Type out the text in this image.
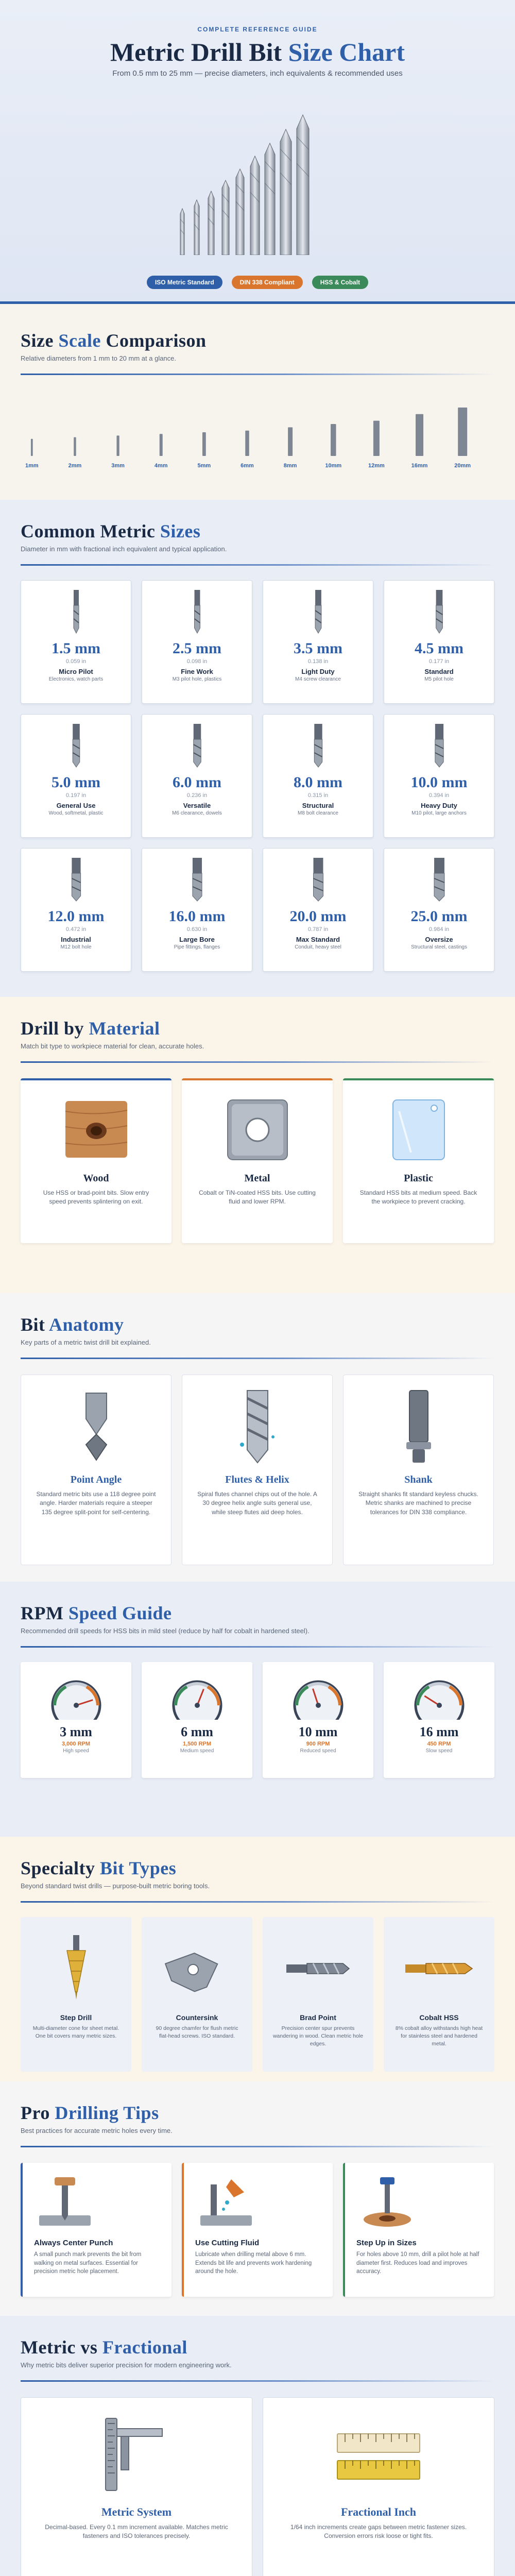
COMPLETE REFERENCE GUIDE
Metric Drill Bit Size Chart
From 0.5 mm to 25 mm — precise diameters, inch equivalents & recommended uses
ISO Metric Standard	DIN 338 Compliant	HSS & Cobalt
Size Scale Comparison
Relative diameters from 1 mm to 20 mm at a glance.
1mm	2mm	3mm	4mm	5mm	6mm	8mm	10mm	12mm	16mm	20mm
Common Metric Sizes
Diameter in mm with fractional inch equivalent and typical application.
1.5 mm
0.059 in
Micro Pilot
Electronics, watch parts
2.5 mm
0.098 in
Fine Work
M3 pilot hole, plastics
3.5 mm
0.138 in
Light Duty
M4 screw clearance
4.5 mm
0.177 in
Standard
M5 pilot hole
5.0 mm
0.197 in
General Use
Wood, softmetal, plastic
6.0 mm
0.236 in
Versatile
M6 clearance, dowels
8.0 mm
0.315 in
Structural
M8 bolt clearance
10.0 mm
0.394 in
Heavy Duty
M10 pilot, large anchors
12.0 mm
0.472 in
Industrial
M12 bolt hole
16.0 mm
0.630 in
Large Bore
Pipe fittings, flanges
20.0 mm
0.787 in
Max Standard
Conduit, heavy steel
25.0 mm
0.984 in
Oversize
Structural steel, castings
Drill by Material
Match bit type to workpiece material for clean, accurate holes.
Wood
Use HSS or brad-point bits. Slow entry speed prevents splintering on exit.
Metal
Cobalt or TiN-coated HSS bits. Use cutting fluid and lower RPM.
Plastic
Standard HSS bits at medium speed. Back the workpiece to prevent cracking.
Bit Anatomy
Key parts of a metric twist drill bit explained.
Point Angle
Standard metric bits use a 118 degree point angle. Harder materials require a steeper 135 degree split-point for self-centering.
Flutes & Helix
Spiral flutes channel chips out of the hole. A 30 degree helix angle suits general use, while steep flutes aid deep holes.
Shank
Straight shanks fit standard keyless chucks. Metric shanks are machined to precise tolerances for DIN 338 compliance.
RPM Speed Guide
Recommended drill speeds for HSS bits in mild steel (reduce by half for cobalt in hardened steel).
3 mm
3,000 RPM
High speed
6 mm
1,500 RPM
Medium speed
10 mm
900 RPM
Reduced speed
16 mm
450 RPM
Slow speed
Specialty Bit Types
Beyond standard twist drills — purpose-built metric boring tools.
Step Drill
Multi-diameter cone for sheet metal. One bit covers many metric sizes.
Countersink
90 degree chamfer for flush metric flat-head screws. ISO standard.
Brad Point
Precision center spur prevents wandering in wood. Clean metric hole edges.
Cobalt HSS
8% cobalt alloy withstands high heat for stainless steel and hardened metal.
Pro Drilling Tips
Best practices for accurate metric holes every time.
Always Center Punch
A small punch mark prevents the bit from walking on metal surfaces. Essential for precision metric hole placement.
Use Cutting Fluid
Lubricate when drilling metal above 6 mm. Extends bit life and prevents work hardening around the hole.
Step Up in Sizes
For holes above 10 mm, drill a pilot hole at half diameter first. Reduces load and improves accuracy.
Metric vs Fractional
Why metric bits deliver superior precision for modern engineering work.
Metric System
Decimal-based. Every 0.1 mm increment available. Matches metric fasteners and ISO tolerances precisely.
Fractional Inch
1/64 inch increments create gaps between metric fastener sizes. Conversion errors risk loose or tight fits.
